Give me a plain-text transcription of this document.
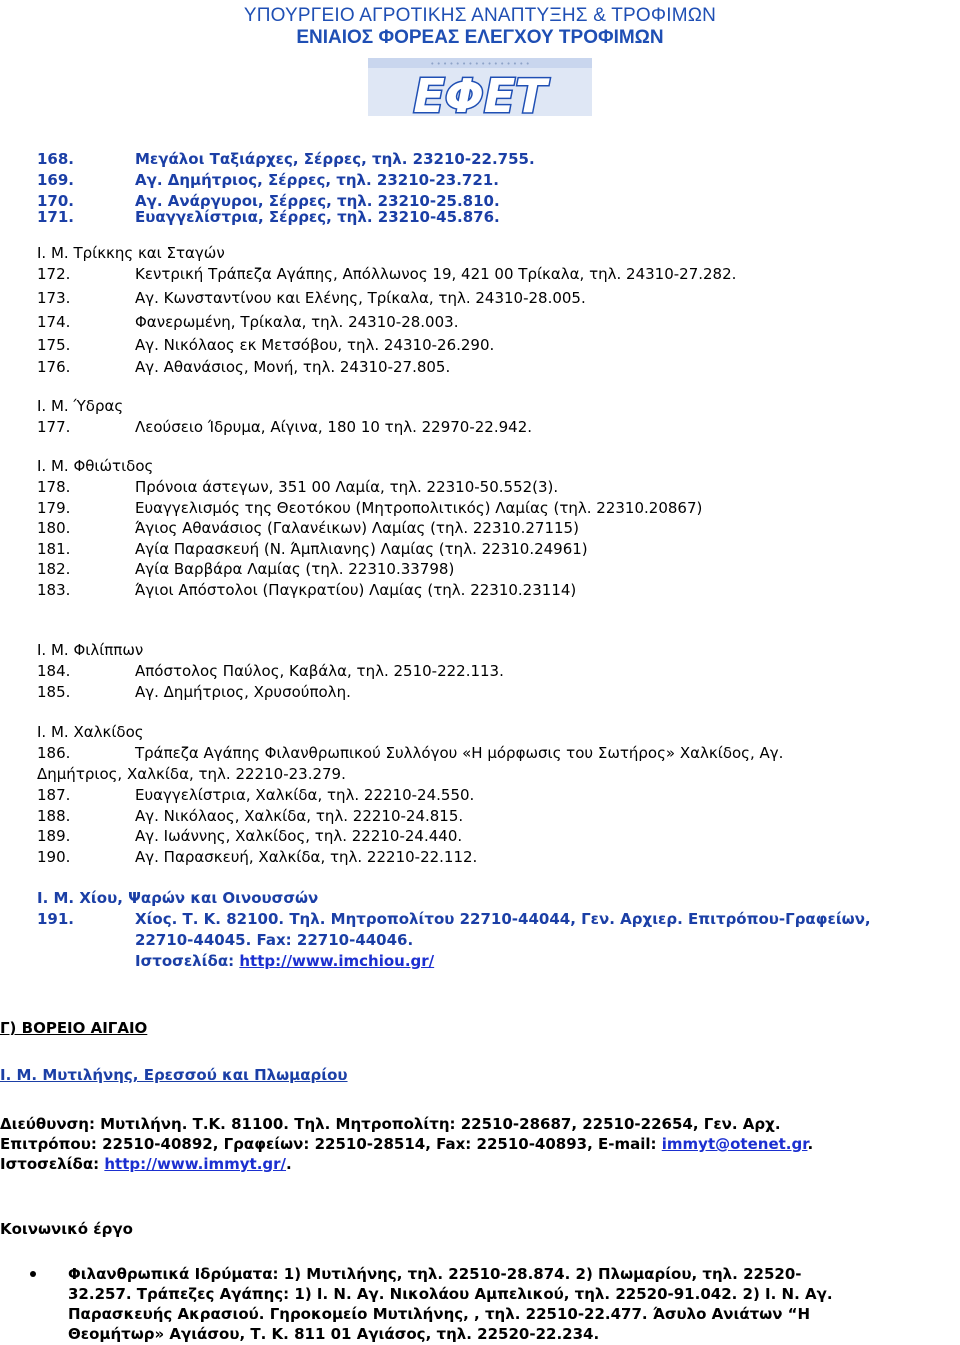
ΥΠΟΥΡΓΕΙΟ ΑΓΡΟΤΙΚΗΣ ΑΝΑΠΤΥΞΗΣ & ΤΡΟΦΙΜΩΝ
ΕΝΙΑΙΟΣ ΦΟΡΕΑΣ ΕΛΕΓΧΟΥ ΤΡΟΦΙΜΩΝ
• • • • • • • • • • • • • • • •
ΕΦΕΤ
168.	Μεγάλοι Ταξιάρχες, Σέρρες, τηλ. 23210-22.755.
169.	Αγ. Δημήτριος, Σέρρες, τηλ. 23210-23.721.
170.	Αγ. Ανάργυροι, Σέρρες, τηλ. 23210-25.810.
171.	Ευαγγελίστρια, Σέρρες, τηλ. 23210-45.876.
Ι. Μ. Τρίκκης και Σταγών
172.	Κεντρική Τράπεζα Αγάπης, Απόλλωνος 19, 421 00 Τρίκαλα, τηλ. 24310-27.282.
173.	Αγ. Κωνσταντίνου και Ελένης, Τρίκαλα, τηλ. 24310-28.005.
174.	Φανερωμένη, Τρίκαλα, τηλ. 24310-28.003.
175.	Αγ. Νικόλαος εκ Μετσόβου, τηλ. 24310-26.290.
176.	Αγ. Αθανάσιος, Μονή, τηλ. 24310-27.805.
Ι. Μ. Ύδρας
177.	Λεούσειο Ίδρυμα, Αίγινα, 180 10 τηλ. 22970-22.942.
Ι. Μ. Φθιώτιδος
178.	Πρόνοια άστεγων, 351 00 Λαμία, τηλ. 22310-50.552(3).
179.	Ευαγγελισμός της Θεοτόκου (Μητροπολιτικός) Λαμίας (τηλ. 22310.20867)
180.	Άγιος Αθανάσιος (Γαλανέικων) Λαμίας (τηλ. 22310.27115)
181.	Αγία Παρασκευή (Ν. Άμπλιανης) Λαμίας (τηλ. 22310.24961)
182.	Αγία Βαρβάρα Λαμίας (τηλ. 22310.33798)
183.	Άγιοι Απόστολοι (Παγκρατίου) Λαμίας (τηλ. 22310.23114)
Ι. Μ. Φιλίππων
184.	Απόστολος Παύλος, Καβάλα, τηλ. 2510-222.113.
185.	Αγ. Δημήτριος, Χρυσούπολη.
Ι. Μ. Χαλκίδος
186.	Τράπεζα Αγάπης Φιλανθρωπικού Συλλόγου «Η μόρφωσις του Σωτήρος» Χαλκίδος, Αγ.
Δημήτριος, Χαλκίδα, τηλ. 22210-23.279.
187.	Ευαγγελίστρια, Χαλκίδα, τηλ. 22210-24.550.
188.	Αγ. Νικόλαος, Χαλκίδα, τηλ. 22210-24.815.
189.	Αγ. Ιωάννης, Χαλκίδος, τηλ. 22210-24.440.
190.	Αγ. Παρασκευή, Χαλκίδα, τηλ. 22210-22.112.
Ι. Μ. Χίου, Ψαρών και Οινουσσών
191.	Χίος. Τ. Κ. 82100. Τηλ. Μητροπολίτου 22710-44044, Γεν. Αρχιερ. Επιτρόπου-Γραφείων,
22710-44045. Fax: 22710-44046.
Ιστοσελίδα: http://www.imchiou.gr/
Γ) ΒΟΡΕΙΟ ΑΙΓΑΙΟ
Ι. Μ. Μυτιλήνης, Ερεσσού και Πλωμαρίου
Διεύθυνση: Μυτιλήνη. Τ.Κ. 81100. Τηλ. Μητροπολίτη: 22510-28687, 22510-22654, Γεν. Αρχ.
Επιτρόπου: 22510-40892, Γραφείων: 22510-28514, Fax: 22510-40893, E-mail: immyt@otenet.gr.
Ιστοσελίδα: http://www.immyt.gr/.
Κοινωνικό έργο
Φιλανθρωπικά Ιδρύματα: 1) Μυτιλήνης, τηλ. 22510-28.874. 2) Πλωμαρίου, τηλ. 22520-
32.257. Τράπεζες Αγάπης: 1) Ι. Ν. Αγ. Νικολάου Αμπελικού, τηλ. 22520-91.042. 2) Ι. Ν. Αγ.
Παρασκευής Ακρασιού. Γηροκομείο Μυτιλήνης, , τηλ. 22510-22.477. Άσυλο Ανιάτων “Η
Θεομήτωρ» Αγιάσου, Τ. Κ. 811 01 Αγιάσος, τηλ. 22520-22.234.
